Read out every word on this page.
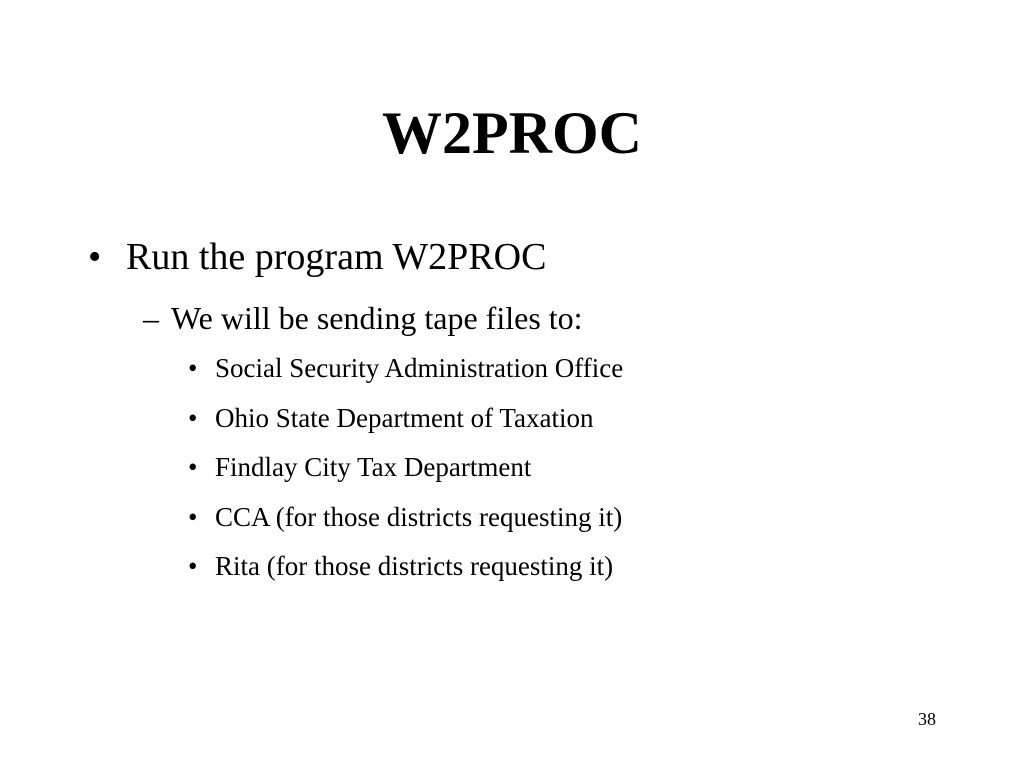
W2PROC
• Run the program W2PROC
– We will be sending tape files to:
• Social Security Administration Office
• Ohio State Department of Taxation
• Findlay City Tax Department
• CCA (for those districts requesting it)
• Rita (for those districts requesting it)
38
